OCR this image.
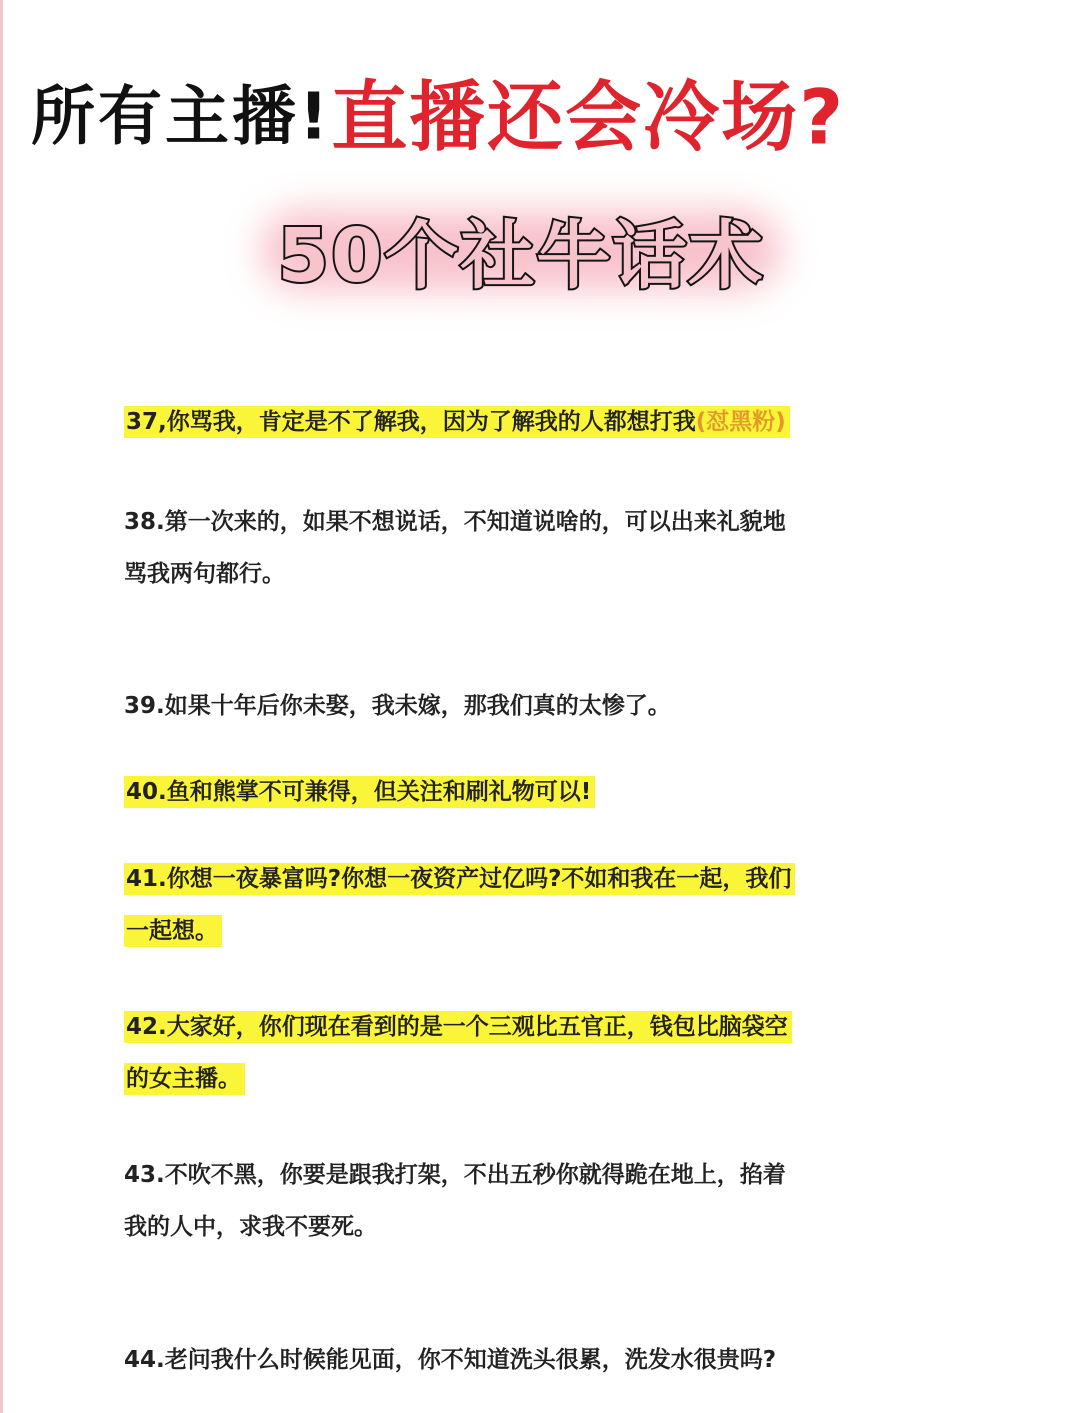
所有主播!直播还会冷场?
50个社牛话术
37,你骂我，肯定是不了解我，因为了解我的人都想打我(怼黑粉)
38.第一次来的，如果不想说话，不知道说啥的，可以出来礼貌地
骂我两句都行。
39.如果十年后你未娶，我未嫁，那我们真的太惨了。
40.鱼和熊掌不可兼得，但关注和刷礼物可以!
41.你想一夜暴富吗?你想一夜资产过亿吗?不如和我在一起，我们
一起想。
42.大家好，你们现在看到的是一个三观比五官正，钱包比脑袋空
的女主播。
43.不吹不黑，你要是跟我打架，不出五秒你就得跪在地上，掐着
我的人中，求我不要死。
44.老问我什么时候能见面，你不知道洗头很累，洗发水很贵吗?
